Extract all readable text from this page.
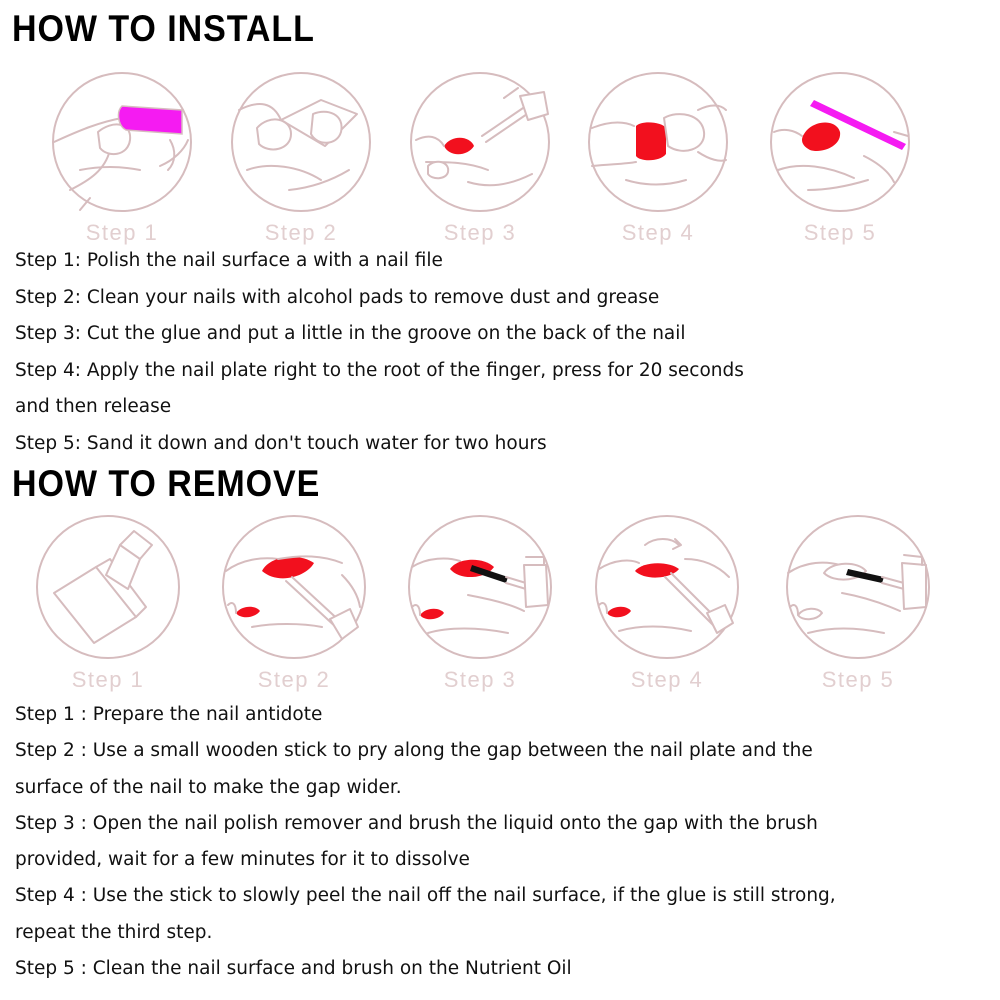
HOW TO INSTALL
Step 1	Step 2	Step 3	Step 4	Step 5
Step 1: Polish the nail surface a with a nail file
Step 2: Clean your nails with alcohol pads to remove dust and grease
Step 3: Cut the glue and put a little in the groove on the back of the nail
Step 4: Apply the nail plate right to the root of the finger, press for 20 seconds
and then release
Step 5: Sand it down and don't touch water for two hours
HOW TO REMOVE
Step 1	Step 2	Step 3	Step 4	Step 5
Step 1 : Prepare the nail antidote
Step 2 : Use a small wooden stick to pry along the gap between the nail plate and the
surface of the nail to make the gap wider.
Step 3 : Open the nail polish remover and brush the liquid onto the gap with the brush
provided, wait for a few minutes for it to dissolve
Step 4 : Use the stick to slowly peel the nail off the nail surface, if the glue is still strong,
repeat the third step.
Step 5 : Clean the nail surface and brush on the Nutrient Oil
